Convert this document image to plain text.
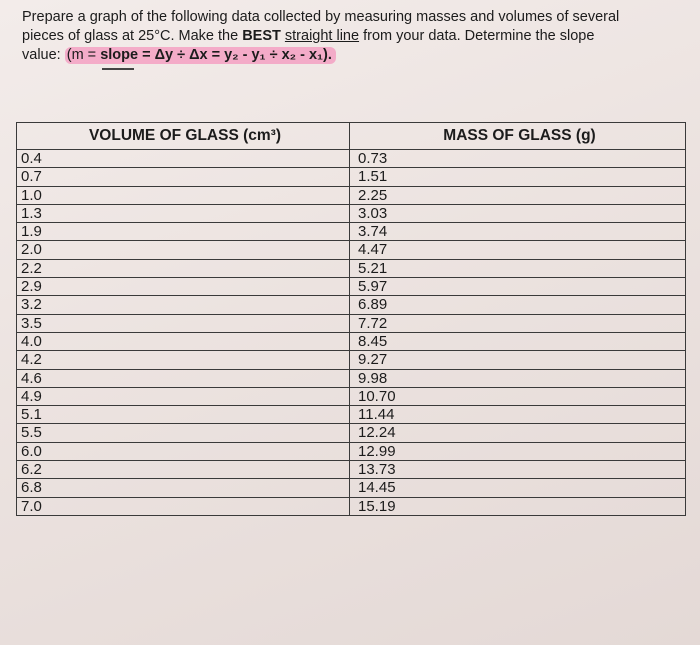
Prepare a graph of the following data collected by measuring masses and volumes of several
pieces of glass at 25°C. Make the BEST straight line from your data. Determine the slope
value: (m = slope = Δy ÷ Δx = y₂ - y₁ ÷ x₂ - x₁).
VOLUME OF GLASS (cm³)	MASS OF GLASS (g)
0.4	0.73
0.7	1.51
1.0	2.25
1.3	3.03
1.9	3.74
2.0	4.47
2.2	5.21
2.9	5.97
3.2	6.89
3.5	7.72
4.0	8.45
4.2	9.27
4.6	9.98
4.9	10.70
5.1	11.44
5.5	12.24
6.0	12.99
6.2	13.73
6.8	14.45
7.0	15.19
